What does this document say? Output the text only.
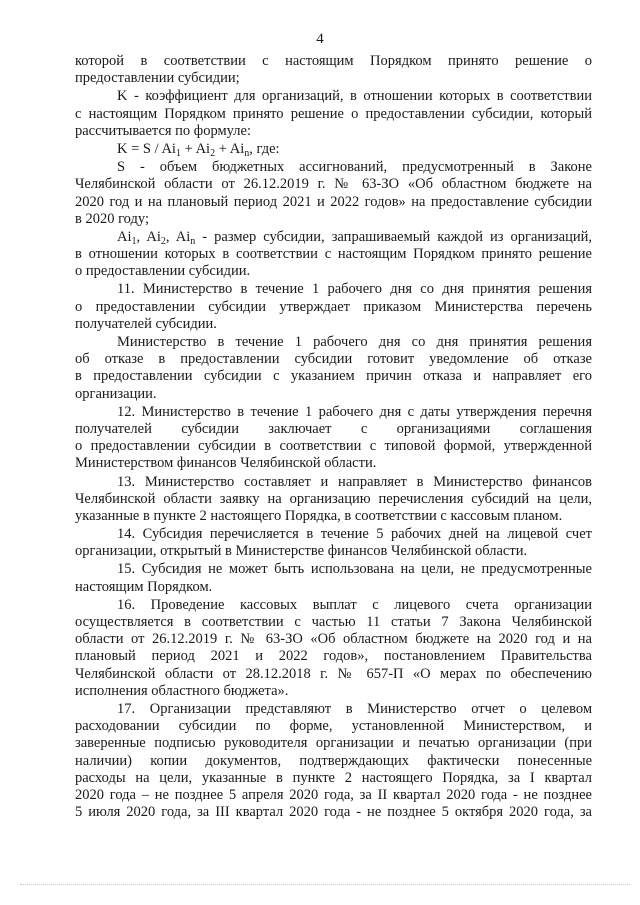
4
которой в соответствии с настоящим Порядком принято решение о
предоставлении субсидии;
K - коэффициент для организаций, в отношении которых в соответствии
с настоящим Порядком принято решение о предоставлении субсидии, который
рассчитывается по формуле:
$K = S / Ai_1 + Ai_2 + Ai_n$, где:
S - объем бюджетных ассигнований, предусмотренный в Законе
Челябинской области от 26.12.2019 г. № 63-ЗО «Об областном бюджете на
2020 год и на плановый период 2021 и 2022 годов» на предоставление субсидии
в 2020 году;
$Ai_1$, $Ai_2$, $Ai_n$ - размер субсидии, запрашиваемый каждой из организаций,
в отношении которых в соответствии с настоящим Порядком принято решение
о предоставлении субсидии.
11. Министерство в течение 1 рабочего дня со дня принятия решения
о предоставлении субсидии утверждает приказом Министерства перечень
получателей субсидии.
Министерство в течение 1 рабочего дня со дня принятия решения
об отказе в предоставлении субсидии готовит уведомление об отказе
в предоставлении субсидии с указанием причин отказа и направляет его
организации.
12. Министерство в течение 1 рабочего дня с даты утверждения перечня
получателей субсидии заключает с организациями соглашения
о предоставлении субсидии в соответствии с типовой формой, утвержденной
Министерством финансов Челябинской области.
13. Министерство составляет и направляет в Министерство финансов
Челябинской области заявку на организацию перечисления субсидий на цели,
указанные в пункте 2 настоящего Порядка, в соответствии с кассовым планом.
14. Субсидия перечисляется в течение 5 рабочих дней на лицевой счет
организации, открытый в Министерстве финансов Челябинской области.
15. Субсидия не может быть использована на цели, не предусмотренные
настоящим Порядком.
16. Проведение кассовых выплат с лицевого счета организации
осуществляется в соответствии с частью 11 статьи 7 Закона Челябинской
области от 26.12.2019 г. № 63-ЗО «Об областном бюджете на 2020 год и на
плановый период 2021 и 2022 годов», постановлением Правительства
Челябинской области от 28.12.2018 г. № 657-П «О мерах по обеспечению
исполнения областного бюджета».
17. Организации представляют в Министерство отчет о целевом
расходовании субсидии по форме, установленной Министерством, и
заверенные подписью руководителя организации и печатью организации (при
наличии) копии документов, подтверждающих фактически понесенные
расходы на цели, указанные в пункте 2 настоящего Порядка, за I квартал
2020 года – не позднее 5 апреля 2020 года, за II квартал 2020 года - не позднее
5 июля 2020 года, за III квартал 2020 года - не позднее 5 октября 2020 года, за
